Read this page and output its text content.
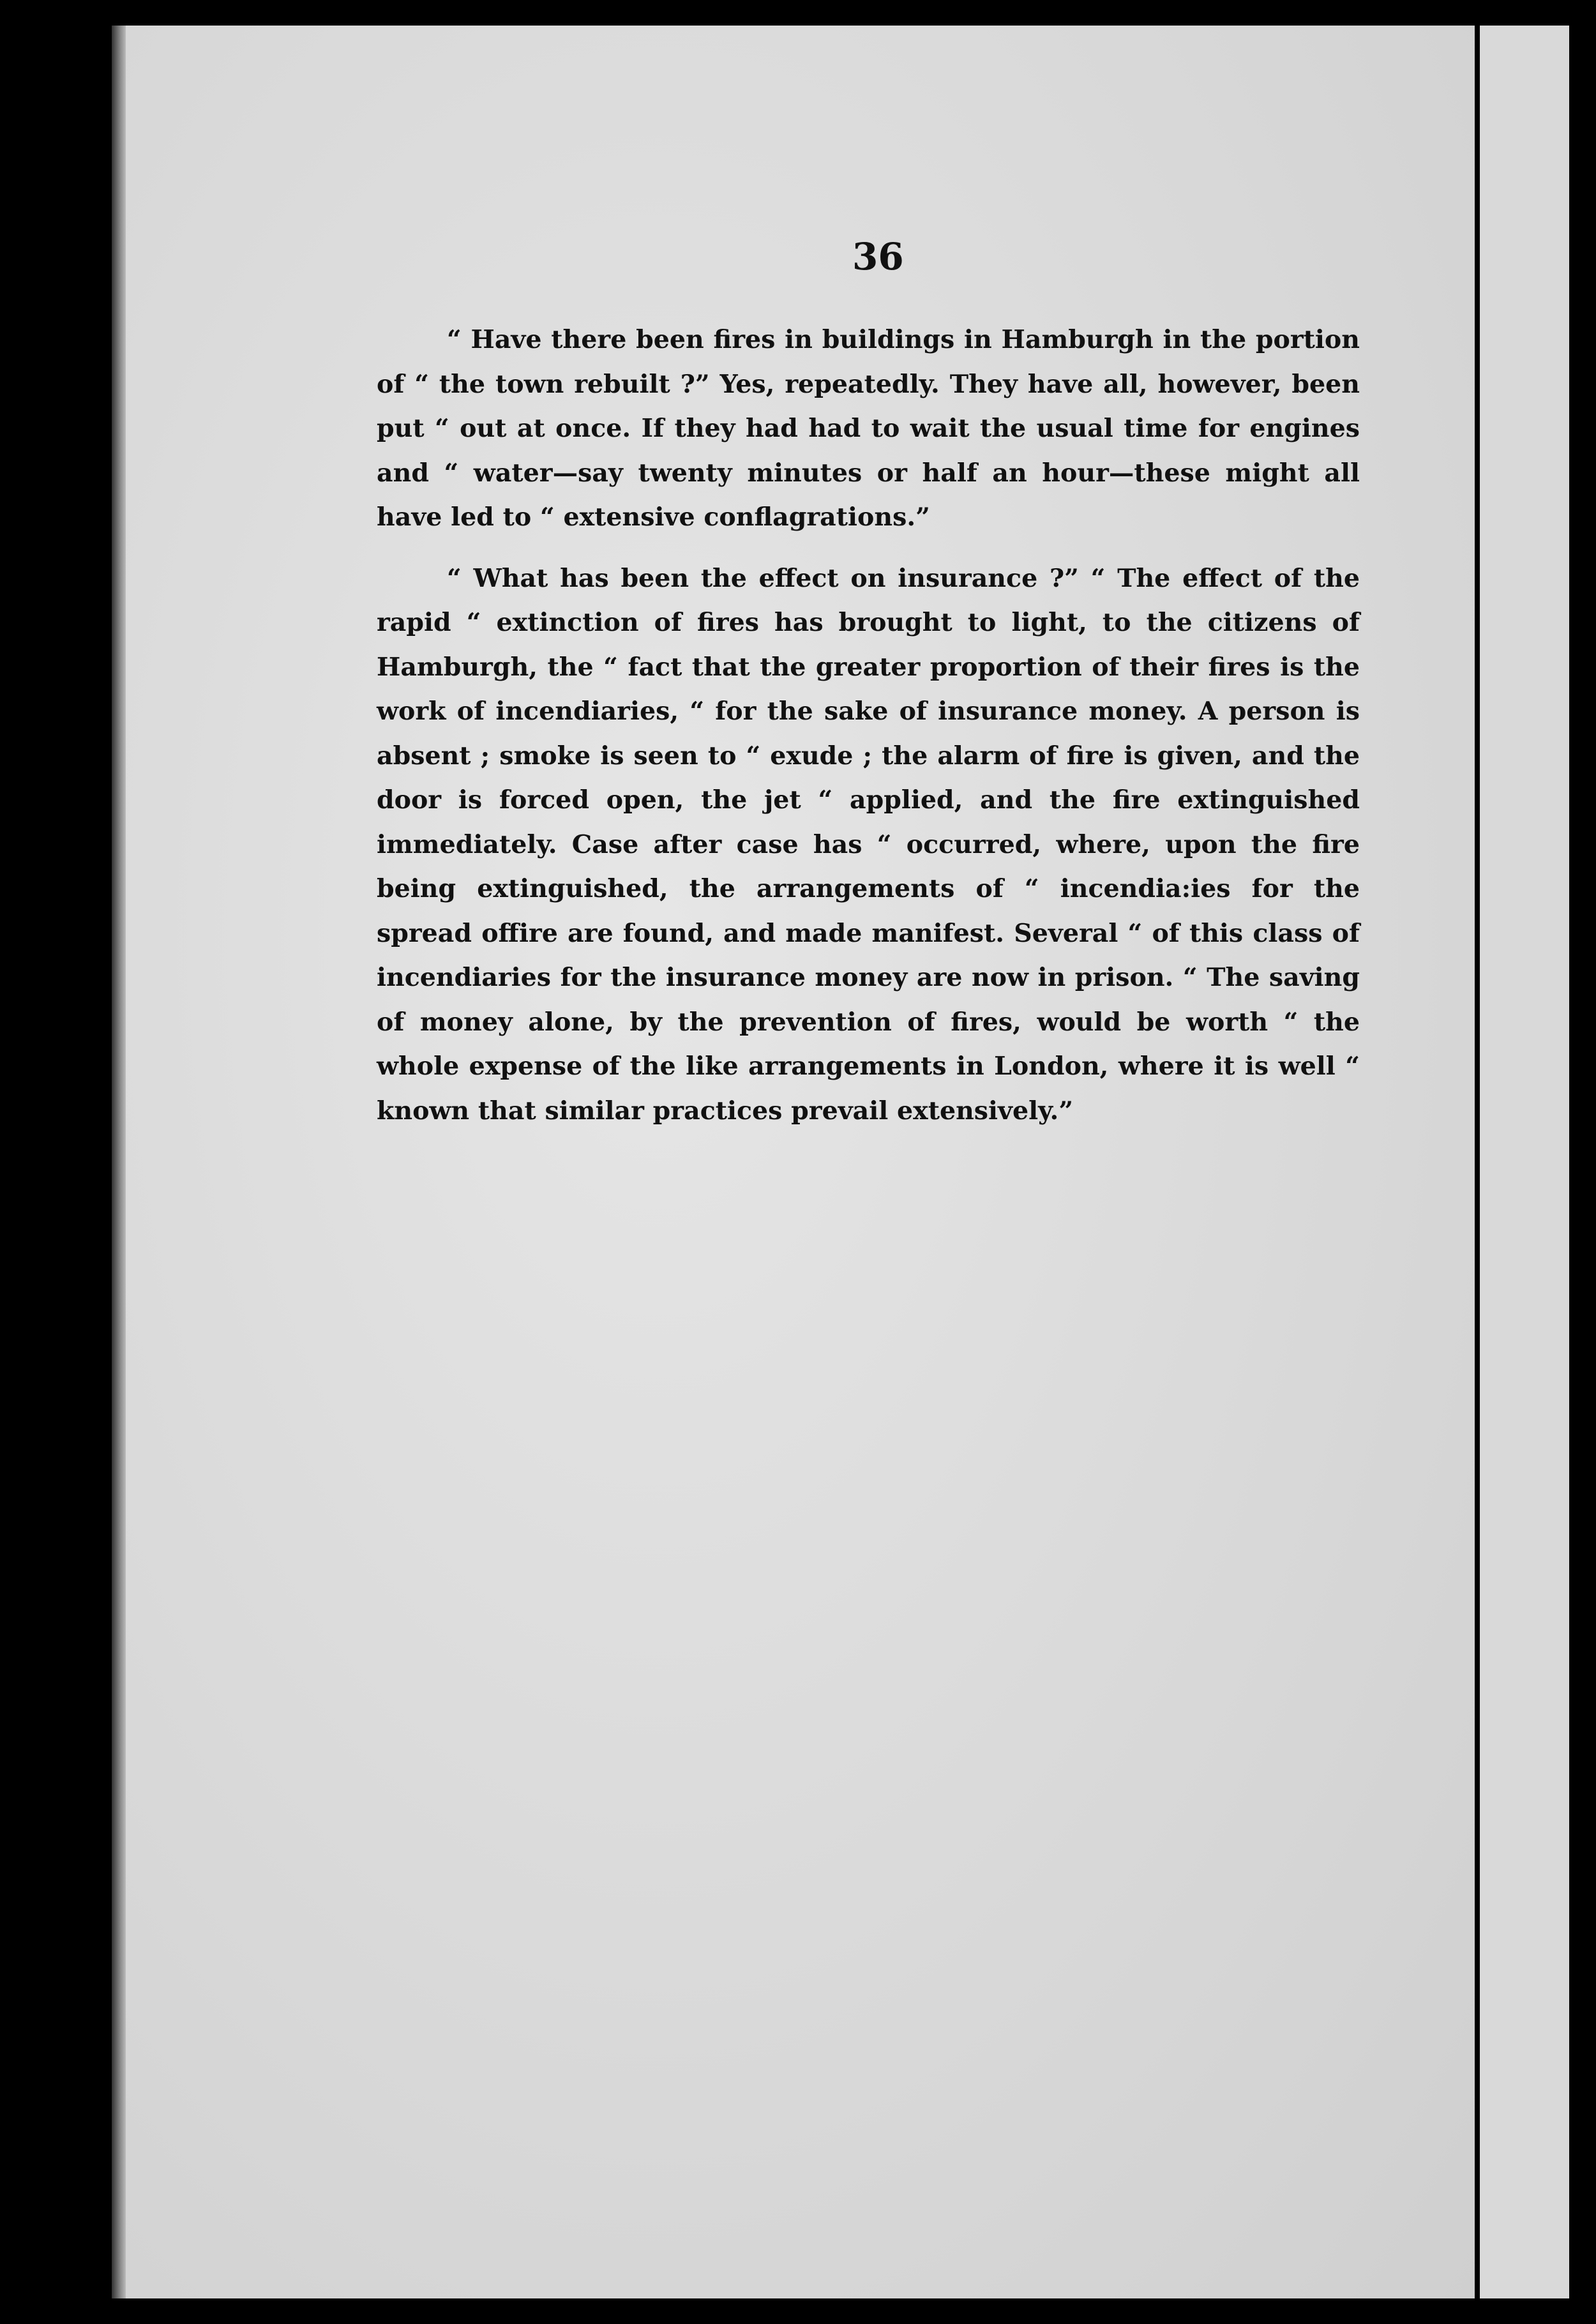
36

“ Have there been fires in buildings in Hamburgh in the portion of “ the town rebuilt ?” Yes, repeatedly. They have all, however, been put “ out at once. If they had had to wait the usual time for engines and “ water—say twenty minutes or half an hour—these might all have led to “ extensive conflagrations.”

“ What has been the effect on insurance ?” “ The effect of the rapid “ extinction of fires has brought to light, to the citizens of Hamburgh, the “ fact that the greater proportion of their fires is the work of incendiaries, “ for the sake of insurance money. A person is absent ; smoke is seen to “ exude ; the alarm of fire is given, and the door is forced open, the jet “ applied, and the fire extinguished immediately. Case after case has “ occurred, where, upon the fire being extinguished, the arrangements of “ incendia:ies for the spread offire are found, and made manifest. Several “ of this class of incendiaries for the insurance money are now in prison. “ The saving of money alone, by the prevention of fires, would be worth “ the whole expense of the like arrangements in London, where it is well “ known that similar practices prevail extensively.”
